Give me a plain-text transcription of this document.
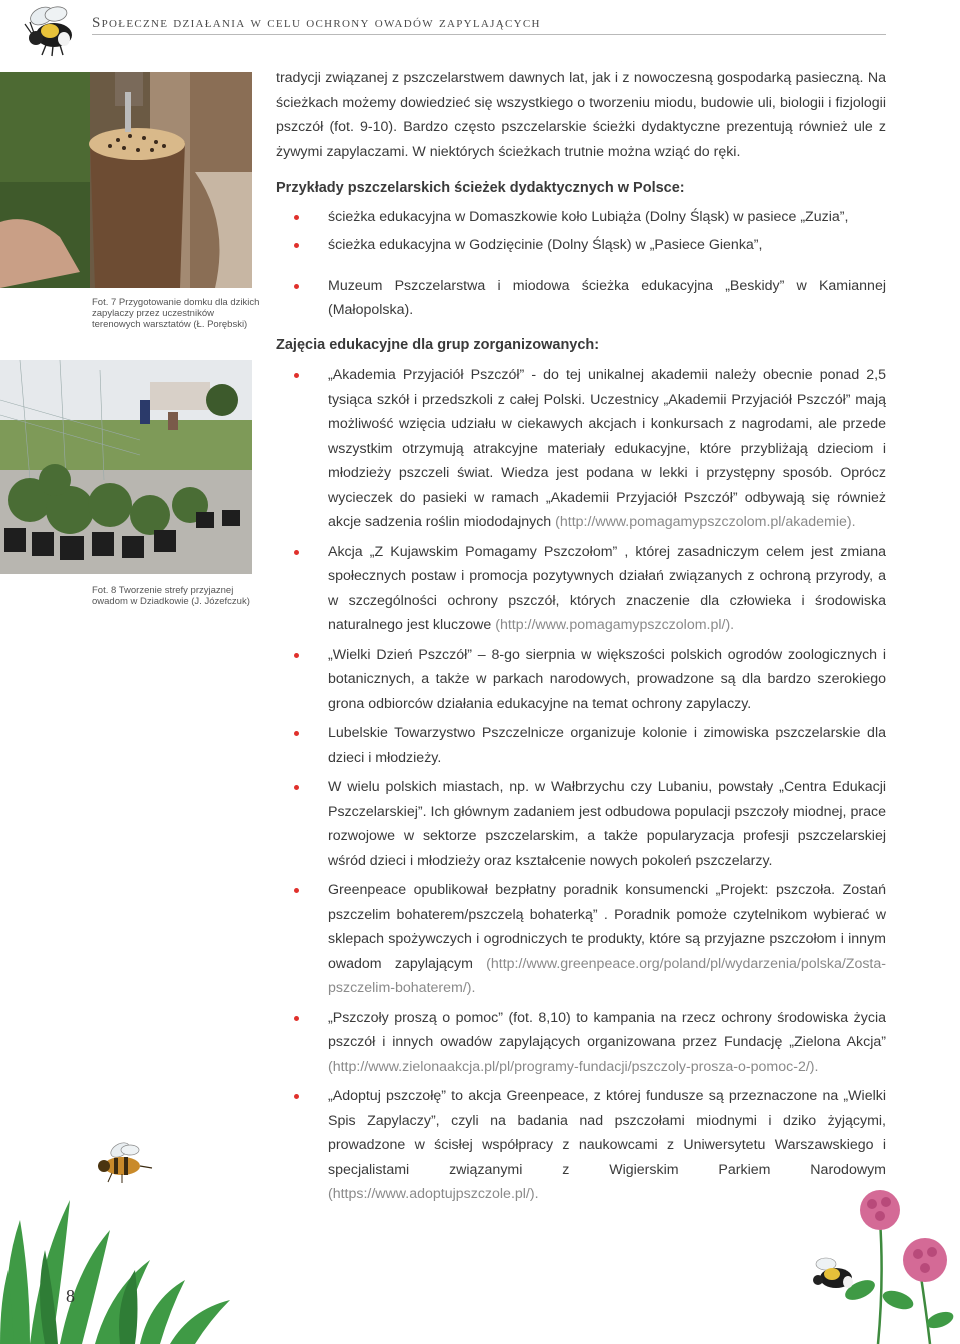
Społeczne działania w celu ochrony owadów zapylających
Fot. 7 Przygotowanie domku dla dzikich zapylaczy przez uczestników terenowych warsztatów (Ł. Porębski)
Fot. 8 Tworzenie strefy przyjaznej owadom w Dziadkowie (J. Józefczuk)

tradycji związanej z pszczelarstwem dawnych lat, jak i z nowoczesną gospodarką pasieczną. Na ścieżkach możemy dowiedzieć się wszystkiego o tworzeniu miodu, budowie uli, biologii i fizjologii pszczół (fot. 9-10). Bardzo często pszczelarskie ścieżki dydaktyczne prezentują również ule z żywymi zapylaczami. W niektórych ścieżkach trutnie można wziąć do ręki.

Przykłady pszczelarskich ścieżek dydaktycznych w Polsce:

ścieżka edukacyjna w Domaszkowie koło Lubiąża (Dolny Śląsk) w pasiece „Zuzia”,
ścieżka edukacyjna w Godzięcinie (Dolny Śląsk) w „Pasiece Gienka”,
Muzeum Pszczelarstwa i miodowa ścieżka edukacyjna „Beskidy” w Kamiannej (Małopolska).

Zajęcia edukacyjne dla grup zorganizowanych:

„Akademia Przyjaciół Pszczół” - do tej unikalnej akademii należy obecnie ponad 2,5 tysiąca szkół i przedszkoli z całej Polski. Uczestnicy „Akademii Przyjaciół Pszczół” mają możliwość wzięcia udziału w ciekawych akcjach i konkursach z nagrodami, ale przede wszystkim otrzymują atrakcyjne materiały edukacyjne, które przybliżają dzieciom i młodzieży pszczeli świat. Wiedza jest podana w lekki i przystępny sposób. Oprócz wycieczek do pasieki w ramach „Akademii Przyjaciół Pszczół” odbywają się również akcje sadzenia roślin miododajnych (http://www.pomagamypszczolom.pl/akademie).
Akcja „Z Kujawskim Pomagamy Pszczołom” , której zasadniczym celem jest zmiana społecznych postaw i promocja pozytywnych działań związanych z ochroną przyrody, a w szczególności ochrony pszczół, których znaczenie dla człowieka i środowiska naturalnego jest kluczowe (http://www.pomagamypszczolom.pl/).
„Wielki Dzień Pszczół” – 8-go sierpnia w większości polskich ogrodów zoologicznych i botanicznych, a także w parkach narodowych, prowadzone są dla bardzo szerokiego grona odbiorców działania edukacyjne na temat ochrony zapylaczy.
Lubelskie Towarzystwo Pszczelnicze organizuje kolonie i zimowiska pszczelarskie dla dzieci i młodzieży.
W wielu polskich miastach, np. w Wałbrzychu czy Lubaniu, powstały „Centra Edukacji Pszczelarskiej”. Ich głównym zadaniem jest odbudowa populacji pszczoły miodnej, prace rozwojowe w sektorze pszczelarskim, a także popularyzacja profesji pszczelarskiej wśród dzieci i młodzieży oraz kształcenie nowych pokoleń pszczelarzy.
Greenpeace opublikował bezpłatny poradnik konsumencki „Projekt: pszczoła. Zostań pszczelim bohaterem/pszczelą bohaterką” . Poradnik pomoże czytelnikom wybierać w sklepach spożywczych i ogrodniczych te produkty, które są przyjazne pszczołom i innym owadom zapylającym (http://www.greenpeace.org/poland/pl/wydarzenia/polska/Zosta-pszczelim-bohaterem/).
„Pszczoły proszą o pomoc” (fot. 8,10) to kampania na rzecz ochrony środowiska życia pszczół i innych owadów zapylających organizowana przez Fundację „Zielona Akcja” (http://www.zielonaakcja.pl/pl/programy-fundacji/pszczoly-prosza-o-pomoc-2/).
„Adoptuj pszczołę” to akcja Greenpeace, z której fundusze są przeznaczone na „Wielki Spis Zapylaczy”, czyli na badania nad pszczołami miodnymi i dziko żyjącymi, prowadzone w ścisłej współpracy z naukowcami z Uniwersytetu Warszawskiego i specjalistami związanymi z Wigierskim Parkiem Narodowym (https://www.adoptujpszczole.pl/).
8
